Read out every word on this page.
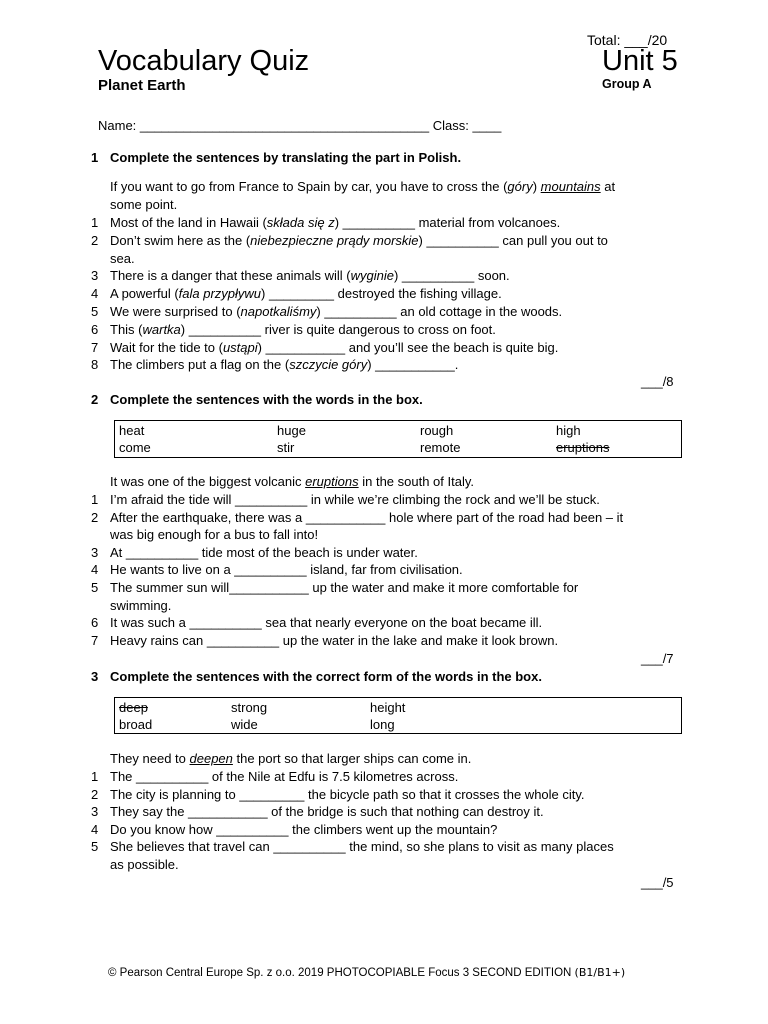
Vocabulary Quiz
Planet Earth
Total: ___/20
Unit 5
Group A
Name: ________________________________________ Class: ____
1 Complete the sentences by translating the part in Polish.
If you want to go from France to Spain by car, you have to cross the (góry) mountains at
some point.
1 Most of the land in Hawaii (składa się z) __________ material from volcanoes.
2 Don’t swim here as the (niebezpieczne prądy morskie) __________ can pull you out to
sea.
3 There is a danger that these animals will (wyginie) __________ soon.
4 A powerful (fala przypływu) _________ destroyed the fishing village.
5 We were surprised to (napotkaliśmy) __________ an old cottage in the woods.
6 This (wartka) __________ river is quite dangerous to cross on foot.
7 Wait for the tide to (ustąpi) ___________ and you’ll see the beach is quite big.
8 The climbers put a flag on the (szczycie góry) ___________.
___/8
2 Complete the sentences with the words in the box.
heat	huge	rough	high
come	stir	remote	eruptions
It was one of the biggest volcanic eruptions in the south of Italy.
1 I’m afraid the tide will __________ in while we’re climbing the rock and we’ll be stuck.
2 After the earthquake, there was a ___________ hole where part of the road had been – it
was big enough for a bus to fall into!
3 At __________ tide most of the beach is under water.
4 He wants to live on a __________ island, far from civilisation.
5 The summer sun will___________ up the water and make it more comfortable for
swimming.
6 It was such a __________ sea that nearly everyone on the boat became ill.
7 Heavy rains can __________ up the water in the lake and make it look brown.
___/7
3 Complete the sentences with the correct form of the words in the box.
deep	strong	height
broad	wide	long
They need to deepen the port so that larger ships can come in.
1 The __________ of the Nile at Edfu is 7.5 kilometres across.
2 The city is planning to _________ the bicycle path so that it crosses the whole city.
3 They say the ___________ of the bridge is such that nothing can destroy it.
4 Do you know how __________ the climbers went up the mountain?
5 She believes that travel can __________ the mind, so she plans to visit as many places
as possible.
___/5
© Pearson Central Europe Sp. z o.o. 2019 PHOTOCOPIABLE Focus 3 SECOND EDITION (B1/B1+)
